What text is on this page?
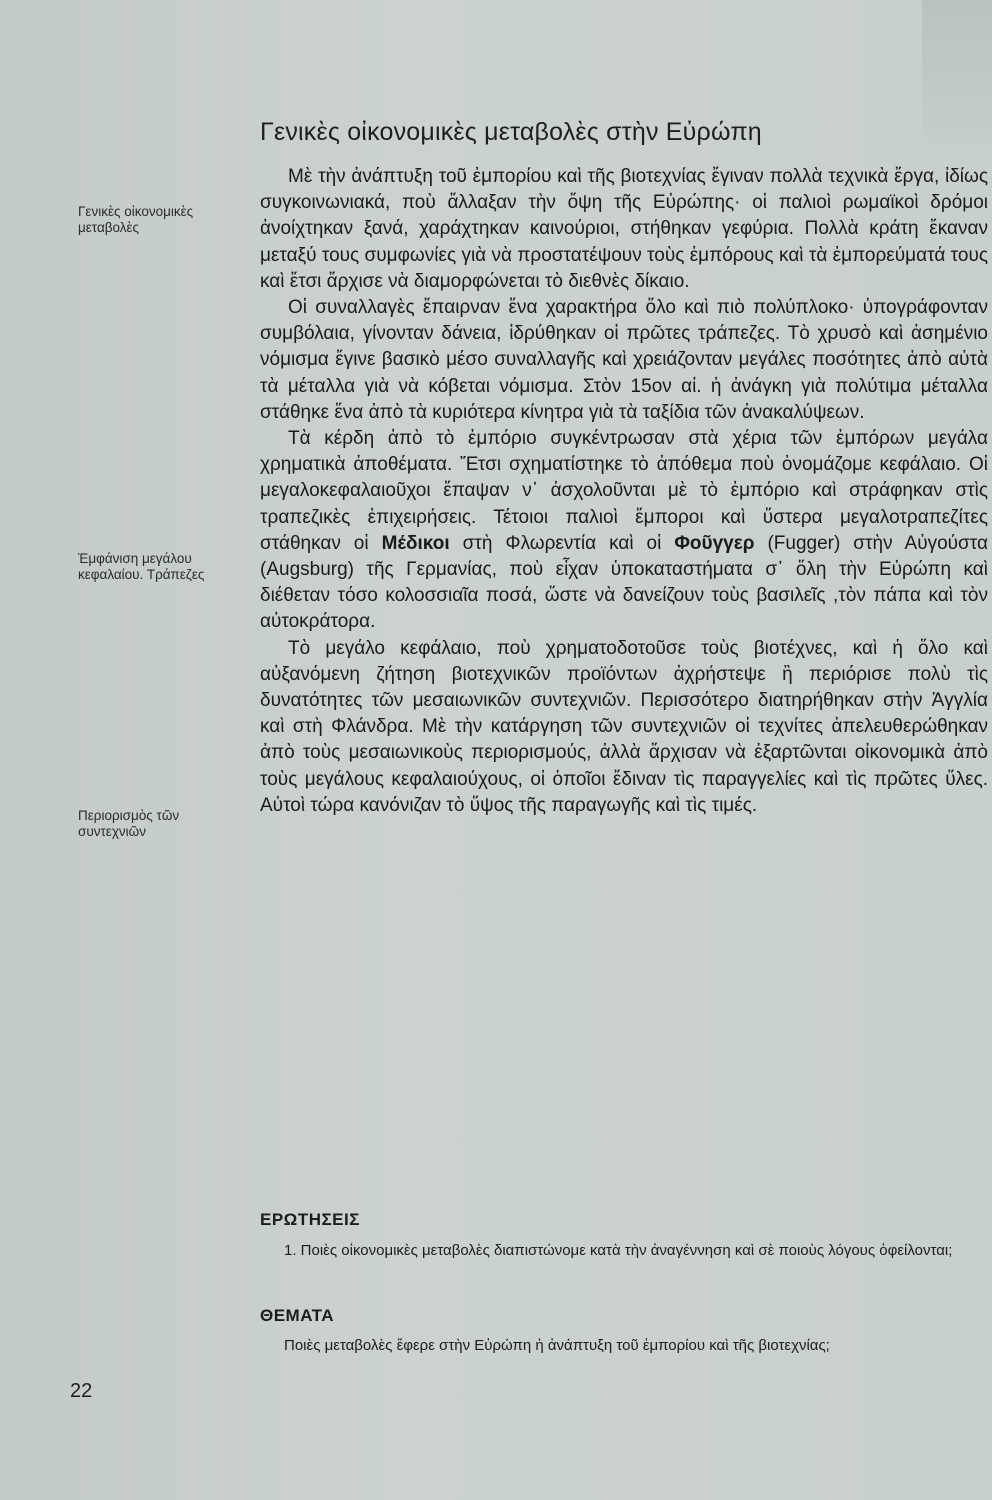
Γενικὲς οἰκονομικὲς μεταβολὲς στὴν Εὐρώπη

Γενικὲς οἰκονομικὲς μεταβολὲς

Ἐμφάνιση μεγάλου κεφαλαίου. Τράπεζες

Περιορισμὸς τῶν συντεχνιῶν

Μὲ τὴν ἀνάπτυξη τοῦ ἐμπορίου καὶ τῆς βιοτεχνίας ἔγιναν πολλὰ τεχνικὰ ἔργα, ἰδίως συγκοινωνιακά, ποὺ ἄλλαξαν τὴν ὄψη τῆς Εὐρώπης· οἱ παλιοὶ ρωμαϊκοὶ δρόμοι ἀνοίχτηκαν ξανά, χαράχτηκαν καινούριοι, στήθηκαν γεφύρια. Πολλὰ κράτη ἔκαναν μεταξύ τους συμφωνίες γιὰ νὰ προστατέψουν τοὺς ἐμπόρους καὶ τὰ ἐμπορεύματά τους καὶ ἔτσι ἄρχισε νὰ διαμορφώνεται τὸ διεθνὲς δίκαιο.

Οἱ συναλλαγὲς ἔπαιρναν ἕνα χαρακτήρα ὅλο καὶ πιὸ πολύπλοκο· ὑπογράφονταν συμβόλαια, γίνονταν δάνεια, ἱδρύθηκαν οἱ πρῶτες τράπεζες. Τὸ χρυσὸ καὶ ἀσημένιο νόμισμα ἔγινε βασικὸ μέσο συναλλαγῆς καὶ χρειάζονταν μεγάλες ποσότητες ἀπὸ αὐτὰ τὰ μέταλλα γιὰ νὰ κόβεται νόμισμα. Στὸν 15ον αἰ. ἡ ἀνάγκη γιὰ πολύτιμα μέταλλα στάθηκε ἕνα ἀπὸ τὰ κυριότερα κίνητρα γιὰ τὰ ταξίδια τῶν ἀνακαλύψεων.

Τὰ κέρδη ἀπὸ τὸ ἐμπόριο συγκέντρωσαν στὰ χέρια τῶν ἐμπόρων μεγάλα χρηματικὰ ἀποθέματα. Ἔτσι σχηματίστηκε τὸ ἀπόθεμα ποὺ ὀνομάζομε κεφάλαιο. Οἱ μεγαλοκεφαλαιοῦχοι ἔπαψαν ν᾿ ἀσχολοῦνται μὲ τὸ ἐμπόριο καὶ στράφηκαν στὶς τραπεζικὲς ἐπιχειρήσεις. Τέτοιοι παλιοὶ ἔμποροι καὶ ὕστερα μεγαλοτραπεζίτες στάθηκαν οἱ Μέδικοι στὴ Φλωρεντία καὶ οἱ Φοῦγγερ (Fugger) στὴν Αὐγούστα (Augsburg) τῆς Γερμανίας, ποὺ εἶχαν ὑποκαταστήματα σ᾿ ὅλη τὴν Εὐρώπη καὶ διέθεταν τόσο κολοσσιαῖα ποσά, ὥστε νὰ δανείζουν τοὺς βασιλεῖς ,τὸν πάπα καὶ τὸν αὐτοκράτορα.

Τὸ μεγάλο κεφάλαιο, ποὺ χρηματοδοτοῦσε τοὺς βιοτέχνες, καὶ ἡ ὅλο καὶ αὐξανόμενη ζήτηση βιοτεχνικῶν προϊόντων ἀχρήστεψε ἢ περιόρισε πολὺ τὶς δυνατότητες τῶν μεσαιωνικῶν συντεχνιῶν. Περισσότερο διατηρήθηκαν στὴν Ἀγγλία καὶ στὴ Φλάνδρα. Μὲ τὴν κατάργηση τῶν συντεχνιῶν οἱ τεχνίτες ἀπελευθερώθηκαν ἀπὸ τοὺς μεσαιωνικοὺς περιορισμούς, ἀλλὰ ἄρχισαν νὰ ἐξαρτῶνται οἰκονομικὰ ἀπὸ τοὺς μεγάλους κεφαλαιούχους, οἱ ὁποῖοι ἔδιναν τὶς παραγγελίες καὶ τὶς πρῶτες ὕλες. Αὐτοὶ τώρα κανόνιζαν τὸ ὕψος τῆς παραγωγῆς καὶ τὶς τιμές.

ΕΡΩΤΗΣΕΙΣ

1. Ποιὲς οἰκονομικὲς μεταβολὲς διαπιστώνομε κατὰ τὴν ἀναγέννηση καὶ σὲ ποιοὺς λόγους ὀφείλονται;

ΘΕΜΑΤΑ

Ποιὲς μεταβολὲς ἔφερε στὴν Εὐρώπη ἡ ἀνάπτυξη τοῦ ἐμπορίου καὶ τῆς βιοτεχνίας;

22
